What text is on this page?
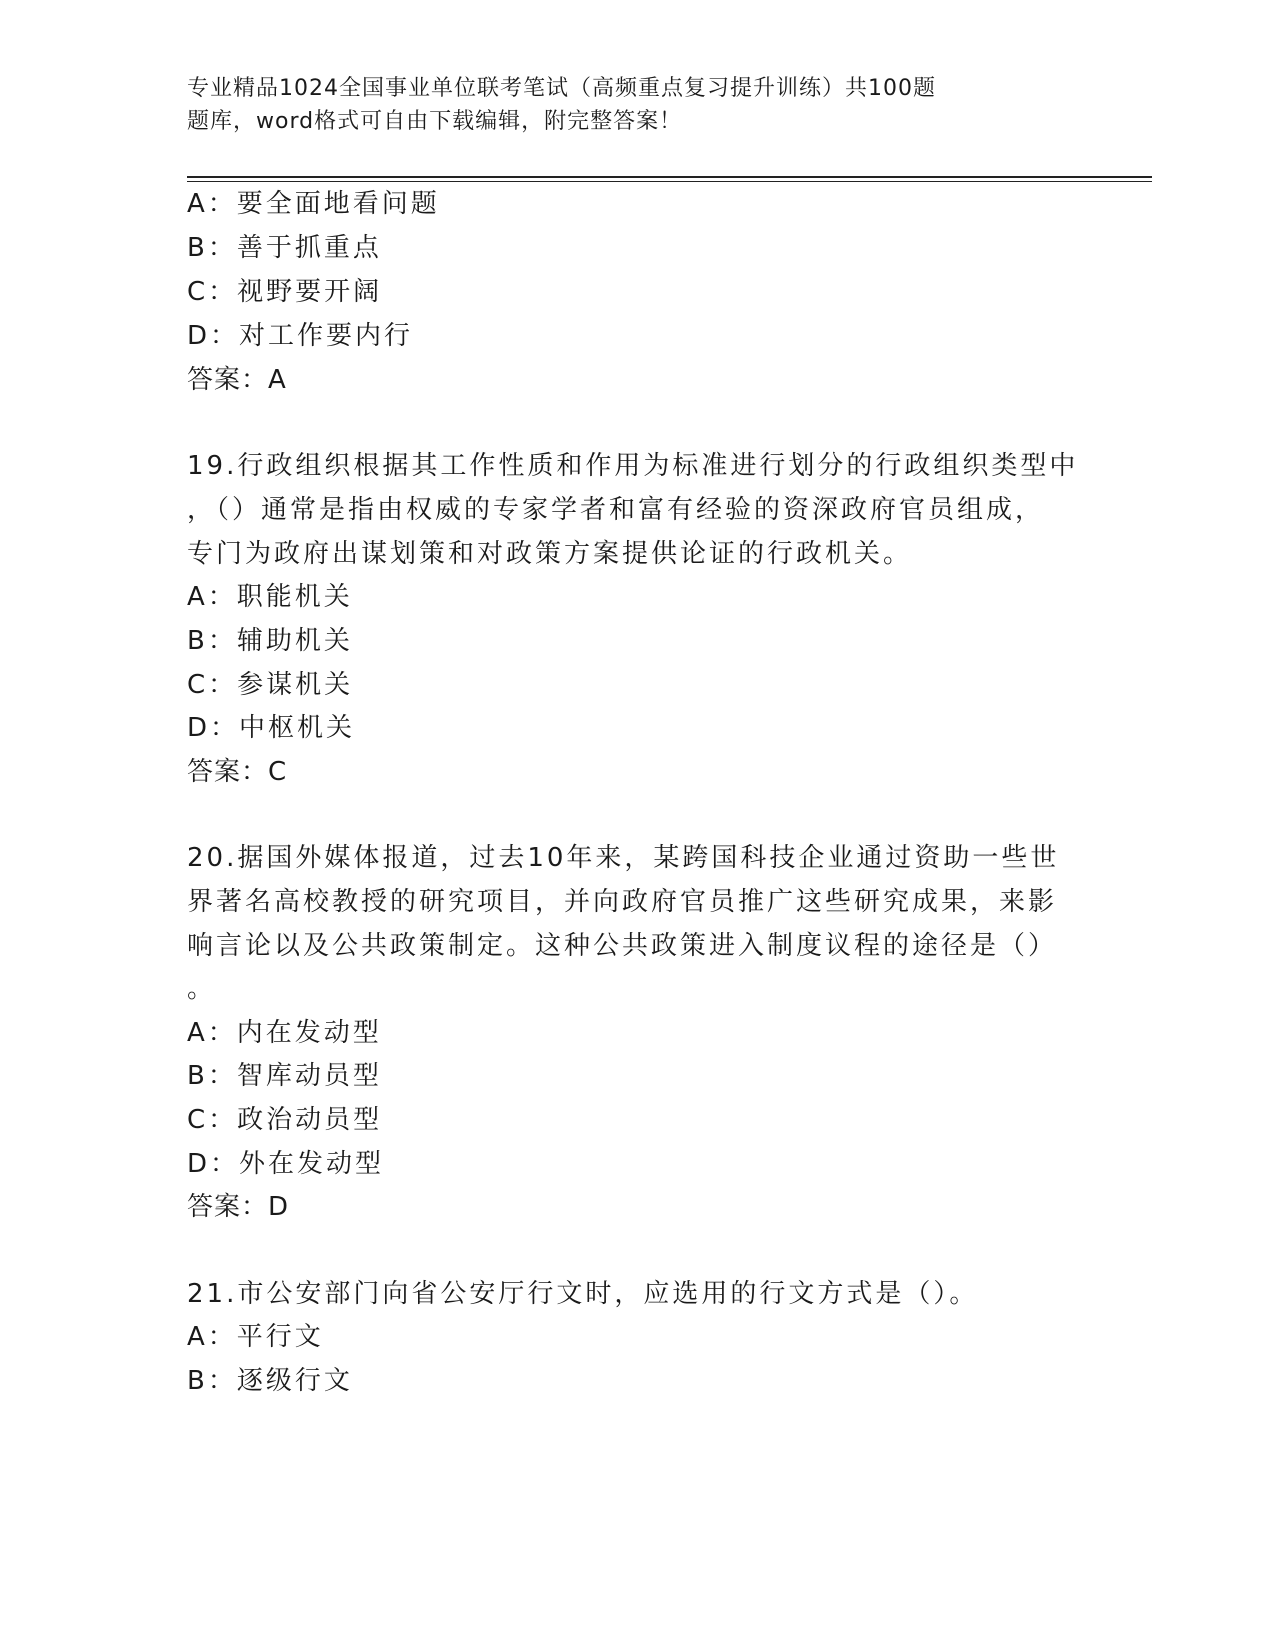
专业精品1024全国事业单位联考笔试（高频重点复习提升训练）共100题
题库，word格式可自由下载编辑，附完整答案！
A：要全面地看问题
B：善于抓重点
C：视野要开阔
D：对工作要内行
答案：A
19.行政组织根据其工作性质和作用为标准进行划分的行政组织类型中
，（）通常是指由权威的专家学者和富有经验的资深政府官员组成，
专门为政府出谋划策和对政策方案提供论证的行政机关。
A：职能机关
B：辅助机关
C：参谋机关
D：中枢机关
答案：C
20.据国外媒体报道，过去10年来，某跨国科技企业通过资助一些世
界著名高校教授的研究项目，并向政府官员推广这些研究成果，来影
响言论以及公共政策制定。这种公共政策进入制度议程的途径是（）
。
A：内在发动型
B：智库动员型
C：政治动员型
D：外在发动型
答案：D
21.市公安部门向省公安厅行文时，应选用的行文方式是（）。
A：平行文
B：逐级行文
